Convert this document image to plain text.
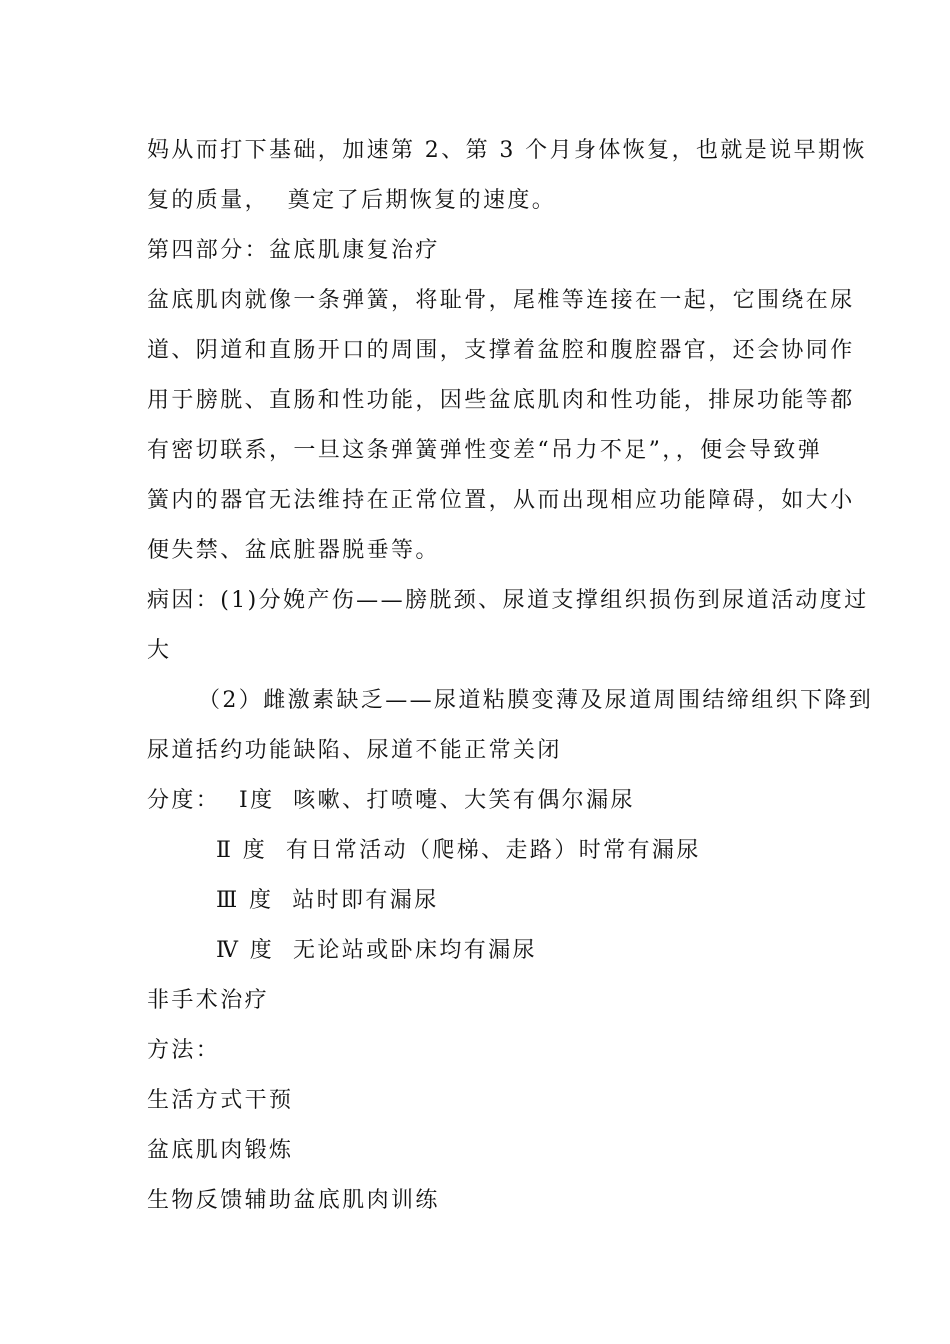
妈从而打下基础，加速第 2、第 3 个月身体恢复，也就是说早期恢
复的质量，  奠定了后期恢复的速度。
第四部分：盆底肌康复治疗
盆底肌肉就像一条弹簧，将耻骨，尾椎等连接在一起，它围绕在尿
道、阴道和直肠开口的周围，支撑着盆腔和腹腔器官，还会协同作
用于膀胱、直肠和性功能，因些盆底肌肉和性功能，排尿功能等都
有密切联系，一旦这条弹簧弹性变差“吊力不足”，，便会导致弹
簧内的器官无法维持在正常位置，从而出现相应功能障碍，如大小
便失禁、盆底脏器脱垂等。
病因：(1)分娩产伤——膀胱颈、尿道支撑组织损伤到尿道活动度过
大
（2）雌激素缺乏——尿道粘膜变薄及尿道周围结缔组织下降到
尿道括约功能缺陷、尿道不能正常关闭
分度：  Ⅰ度  咳嗽、打喷嚏、大笑有偶尔漏尿
Ⅱ 度  有日常活动（爬梯、走路）时常有漏尿
Ⅲ 度  站时即有漏尿
Ⅳ 度  无论站或卧床均有漏尿
非手术治疗
方法：
生活方式干预
盆底肌肉锻炼
生物反馈辅助盆底肌肉训练
